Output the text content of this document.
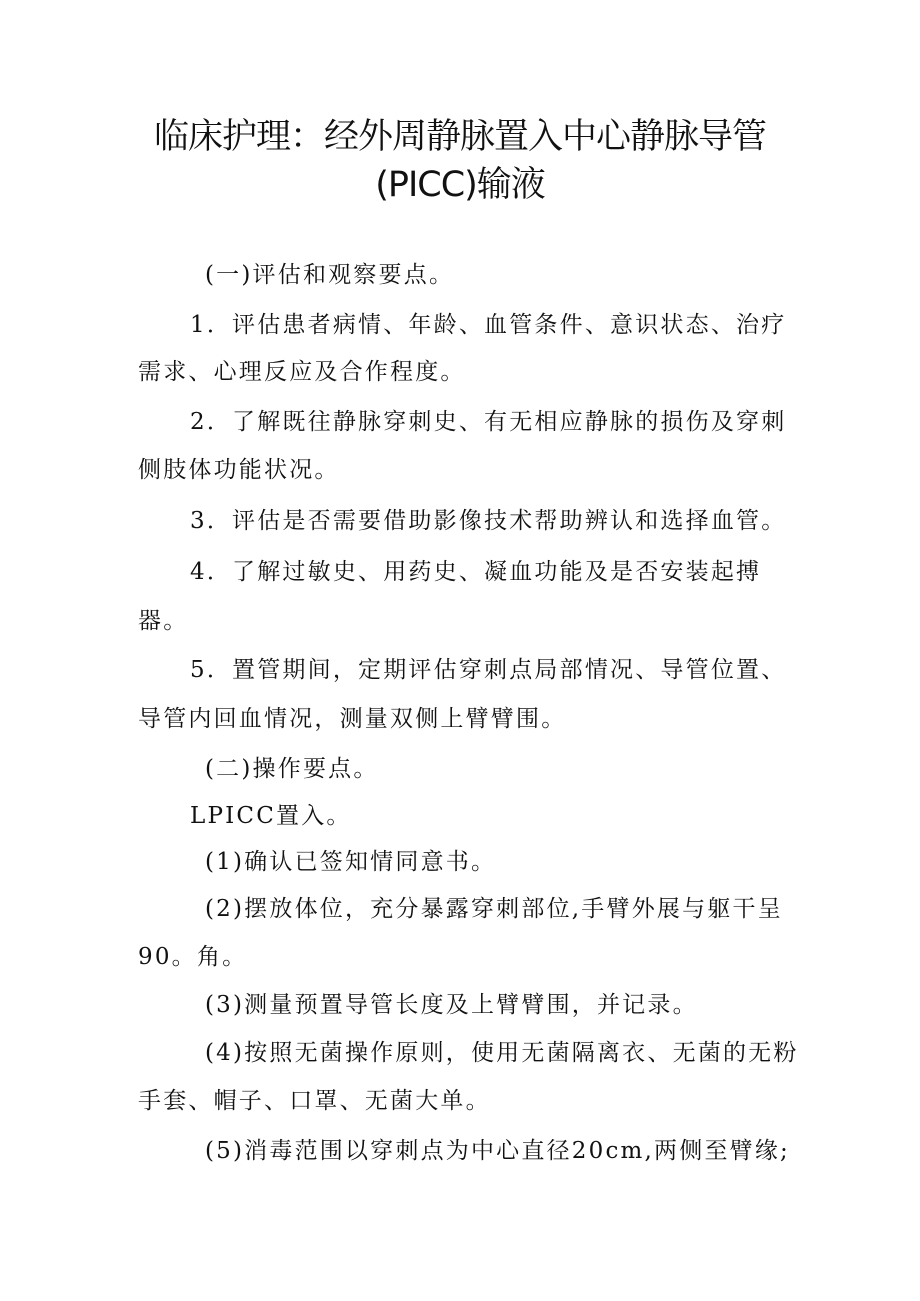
临床护理：经外周静脉置入中心静脉导管
(PICC)输液
(一)评估和观察要点。
1．评估患者病情、年龄、血管条件、意识状态、治疗
需求、心理反应及合作程度。
2．了解既往静脉穿刺史、有无相应静脉的损伤及穿刺
侧肢体功能状况。
3．评估是否需要借助影像技术帮助辨认和选择血管。
4．了解过敏史、用药史、凝血功能及是否安装起搏
器。
5．置管期间，定期评估穿刺点局部情况、导管位置、
导管内回血情况，测量双侧上臂臂围。
(二)操作要点。
LPICC置入。
(1)确认已签知情同意书。
(2)摆放体位，充分暴露穿刺部位,手臂外展与躯干呈
90。角。
(3)测量预置导管长度及上臂臂围，并记录。
(4)按照无菌操作原则，使用无菌隔离衣、无菌的无粉
手套、帽子、口罩、无菌大单。
(5)消毒范围以穿刺点为中心直径20cm,两侧至臂缘;
